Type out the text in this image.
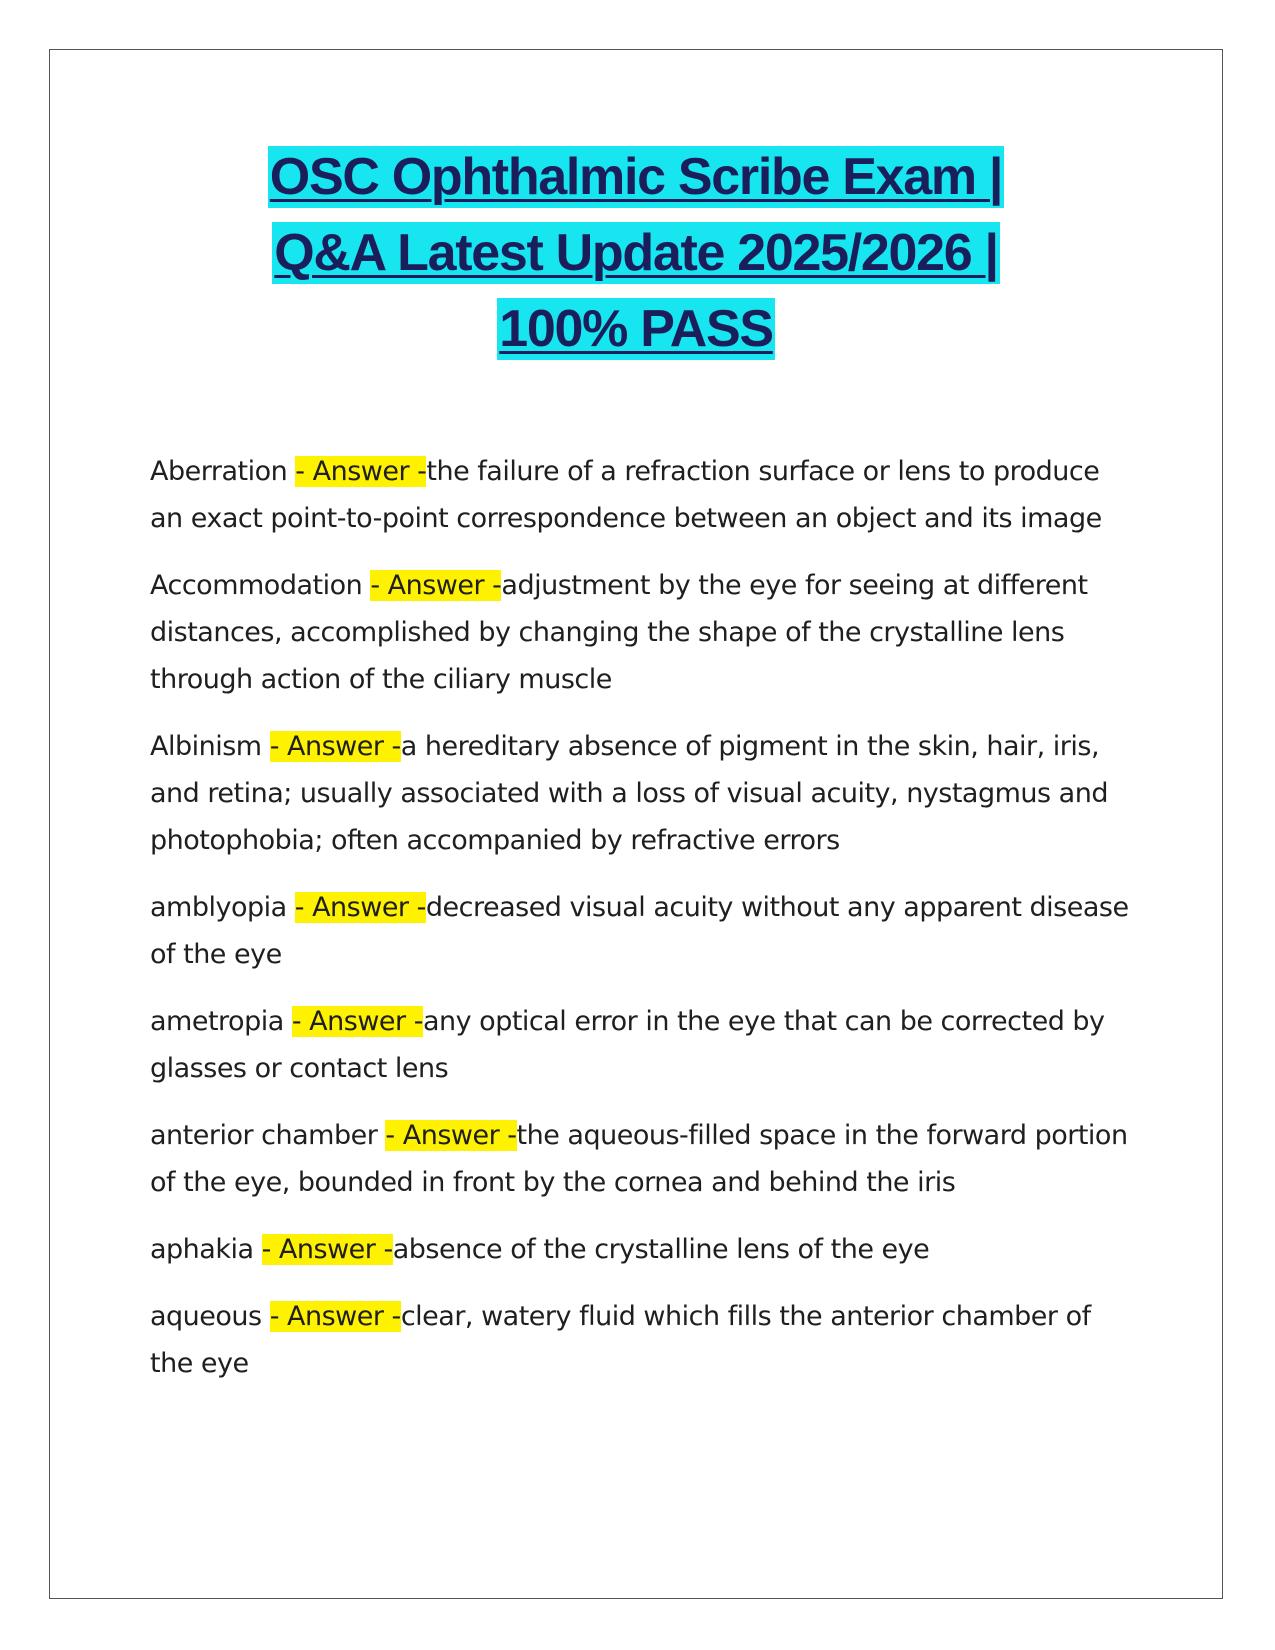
OSC Ophthalmic Scribe Exam |
Q&A Latest Update 2025/2026 |
100% PASS

Aberration - Answer -the failure of a refraction surface or lens to produce an exact point-to-point correspondence between an object and its image

Accommodation - Answer -adjustment by the eye for seeing at different distances, accomplished by changing the shape of the crystalline lens through action of the ciliary muscle

Albinism - Answer -a hereditary absence of pigment in the skin, hair, iris, and retina; usually associated with a loss of visual acuity, nystagmus and photophobia; often accompanied by refractive errors

amblyopia - Answer -decreased visual acuity without any apparent disease of the eye

ametropia - Answer -any optical error in the eye that can be corrected by glasses or contact lens

anterior chamber - Answer -the aqueous-filled space in the forward portion of the eye, bounded in front by the cornea and behind the iris

aphakia - Answer -absence of the crystalline lens of the eye

aqueous - Answer -clear, watery fluid which fills the anterior chamber of the eye
